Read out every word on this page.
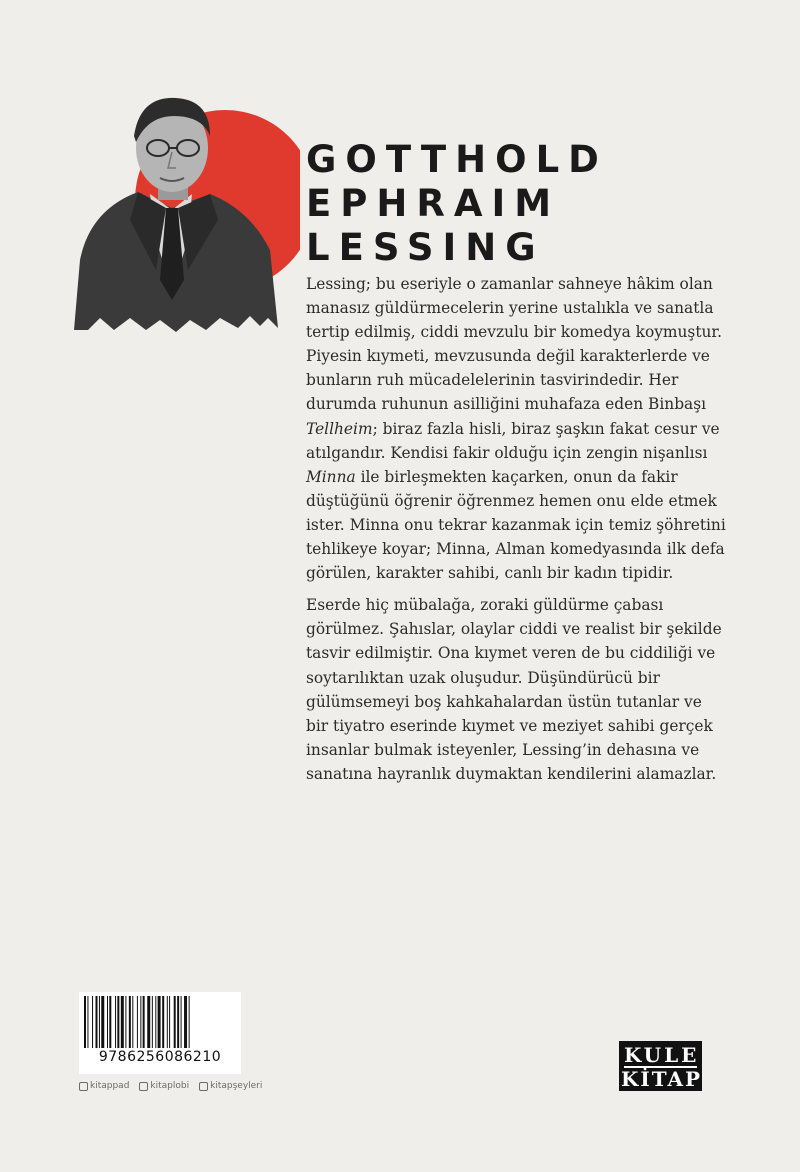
GOTTHOLD
EPHRAIM
LESSING

Lessing; bu eseriyle o zamanlar sahneye hâkim olan manasız güldürmecelerin yerine ustalıkla ve sanatla tertip edilmiş, ciddi mevzulu bir komedya koymuştur. Piyesin kıymeti, mevzusunda değil karakterlerde ve bunların ruh mücadelelerinin tasvirindedir. Her durumda ruhunun asilliğini muhafaza eden Binbaşı Tellheim; biraz fazla hisli, biraz şaşkın fakat cesur ve atılgandır. Kendisi fakir olduğu için zengin nişanlısı Minna ile birleşmekten kaçarken, onun da fakir düştüğünü öğrenir öğrenmez hemen onu elde etmek ister. Minna onu tekrar kazanmak için temiz şöhretini tehlikeye koyar; Minna, Alman komedyasında ilk defa görülen, karakter sahibi, canlı bir kadın tipidir.

Eserde hiç mübalağa, zoraki güldürme çabası görülmez. Şahıslar, olaylar ciddi ve realist bir şekilde tasvir edilmiştir. Ona kıymet veren de bu ciddiliği ve soytarılıktan uzak oluşudur. Düşündürücü bir gülümsemeyi boş kahkahalardan üstün tutanlar ve bir tiyatro eserinde kıymet ve meziyet sahibi gerçek insanlar bulmak isteyenler, Lessing’in dehasına ve sanatına hayranlık duymaktan kendilerini alamazlar.

9786256086210
kitappad kitaplobi kitapşeyleri
KULE
KİTAP
